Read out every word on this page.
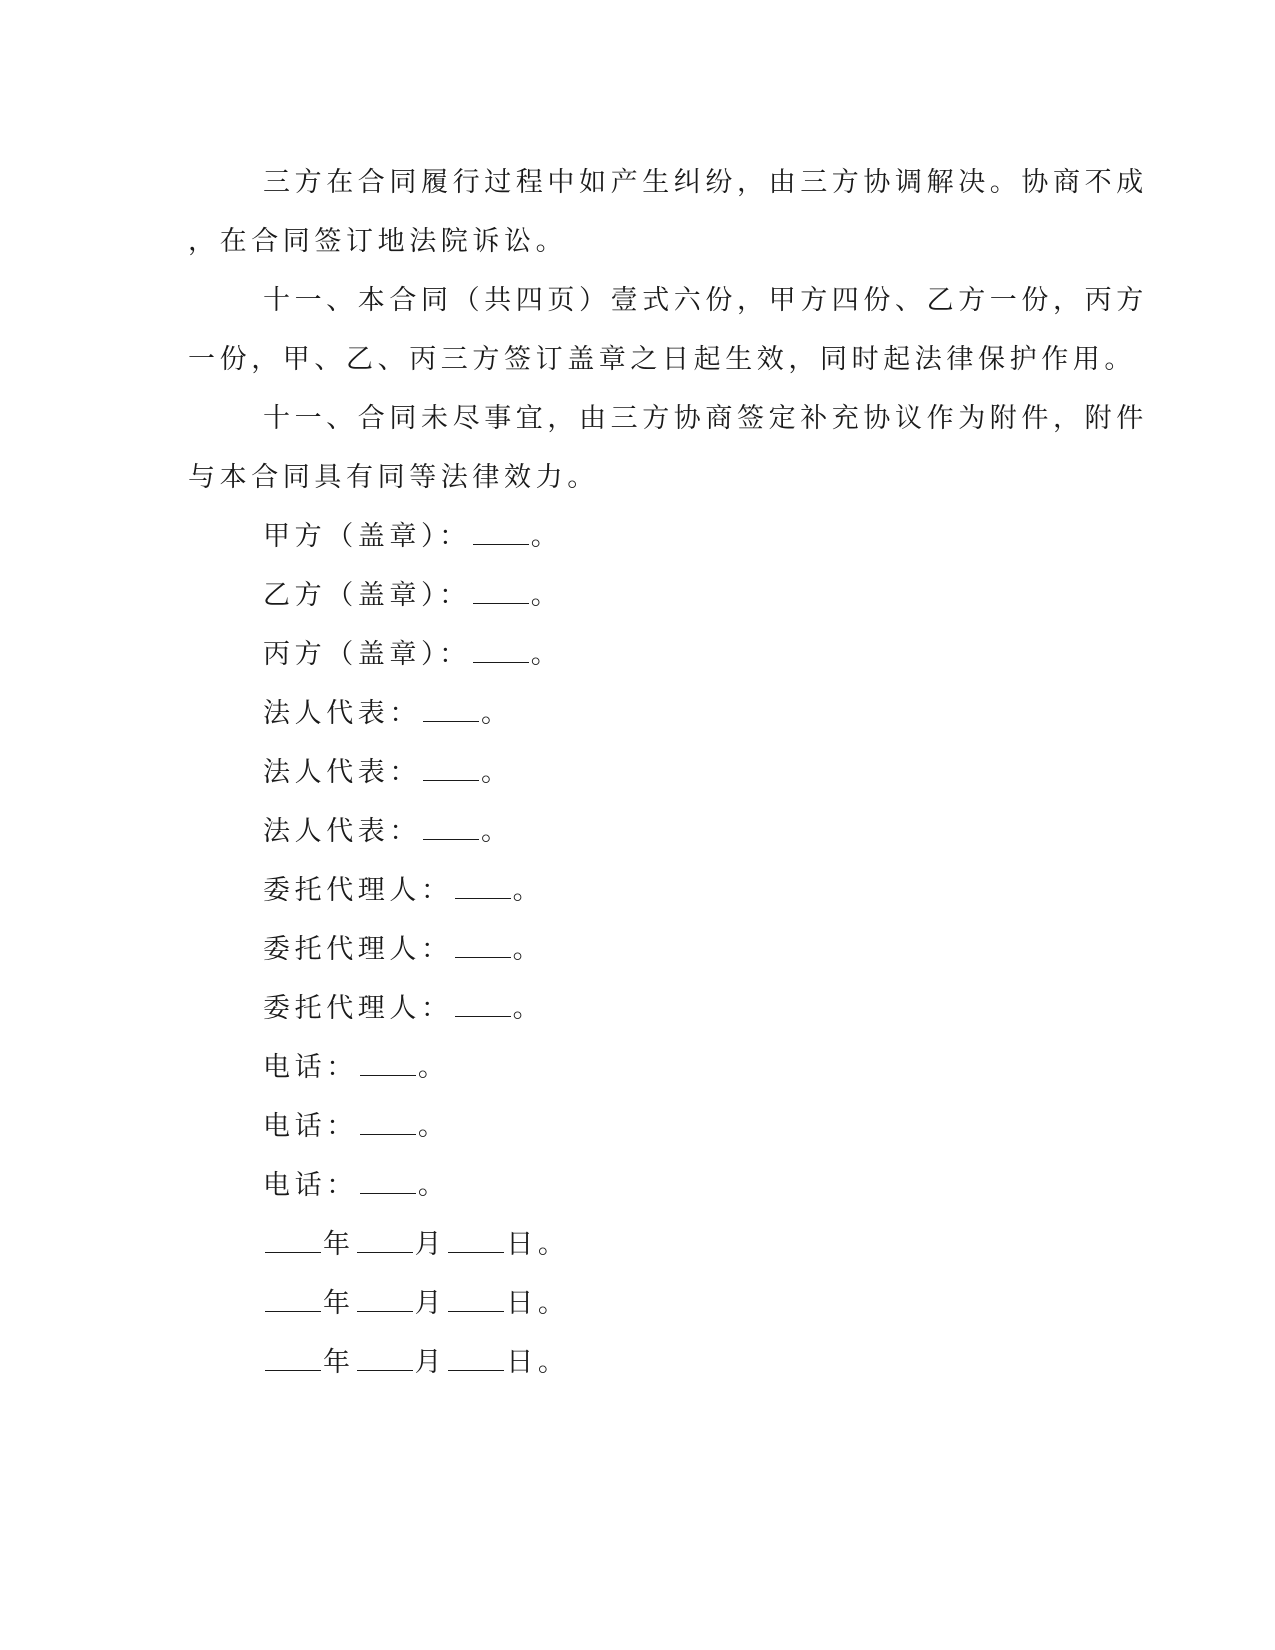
三方在合同履行过程中如产生纠纷，由三方协调解决。协商不成
，在合同签订地法院诉讼。
十一、本合同（共四页）壹式六份，甲方四份、乙方一份，丙方
一份，甲、乙、丙三方签订盖章之日起生效，同时起法律保护作用。
十一、合同未尽事宜，由三方协商签定补充协议作为附件，附件
与本合同具有同等法律效力。
甲方（盖章）： 。
乙方（盖章）： 。
丙方（盖章）： 。
法人代表： 。
法人代表： 。
法人代表： 。
委托代理人： 。
委托代理人： 。
委托代理人： 。
电话： 。
电话： 。
电话： 。
年 月 日。
年 月 日。
年 月 日。
